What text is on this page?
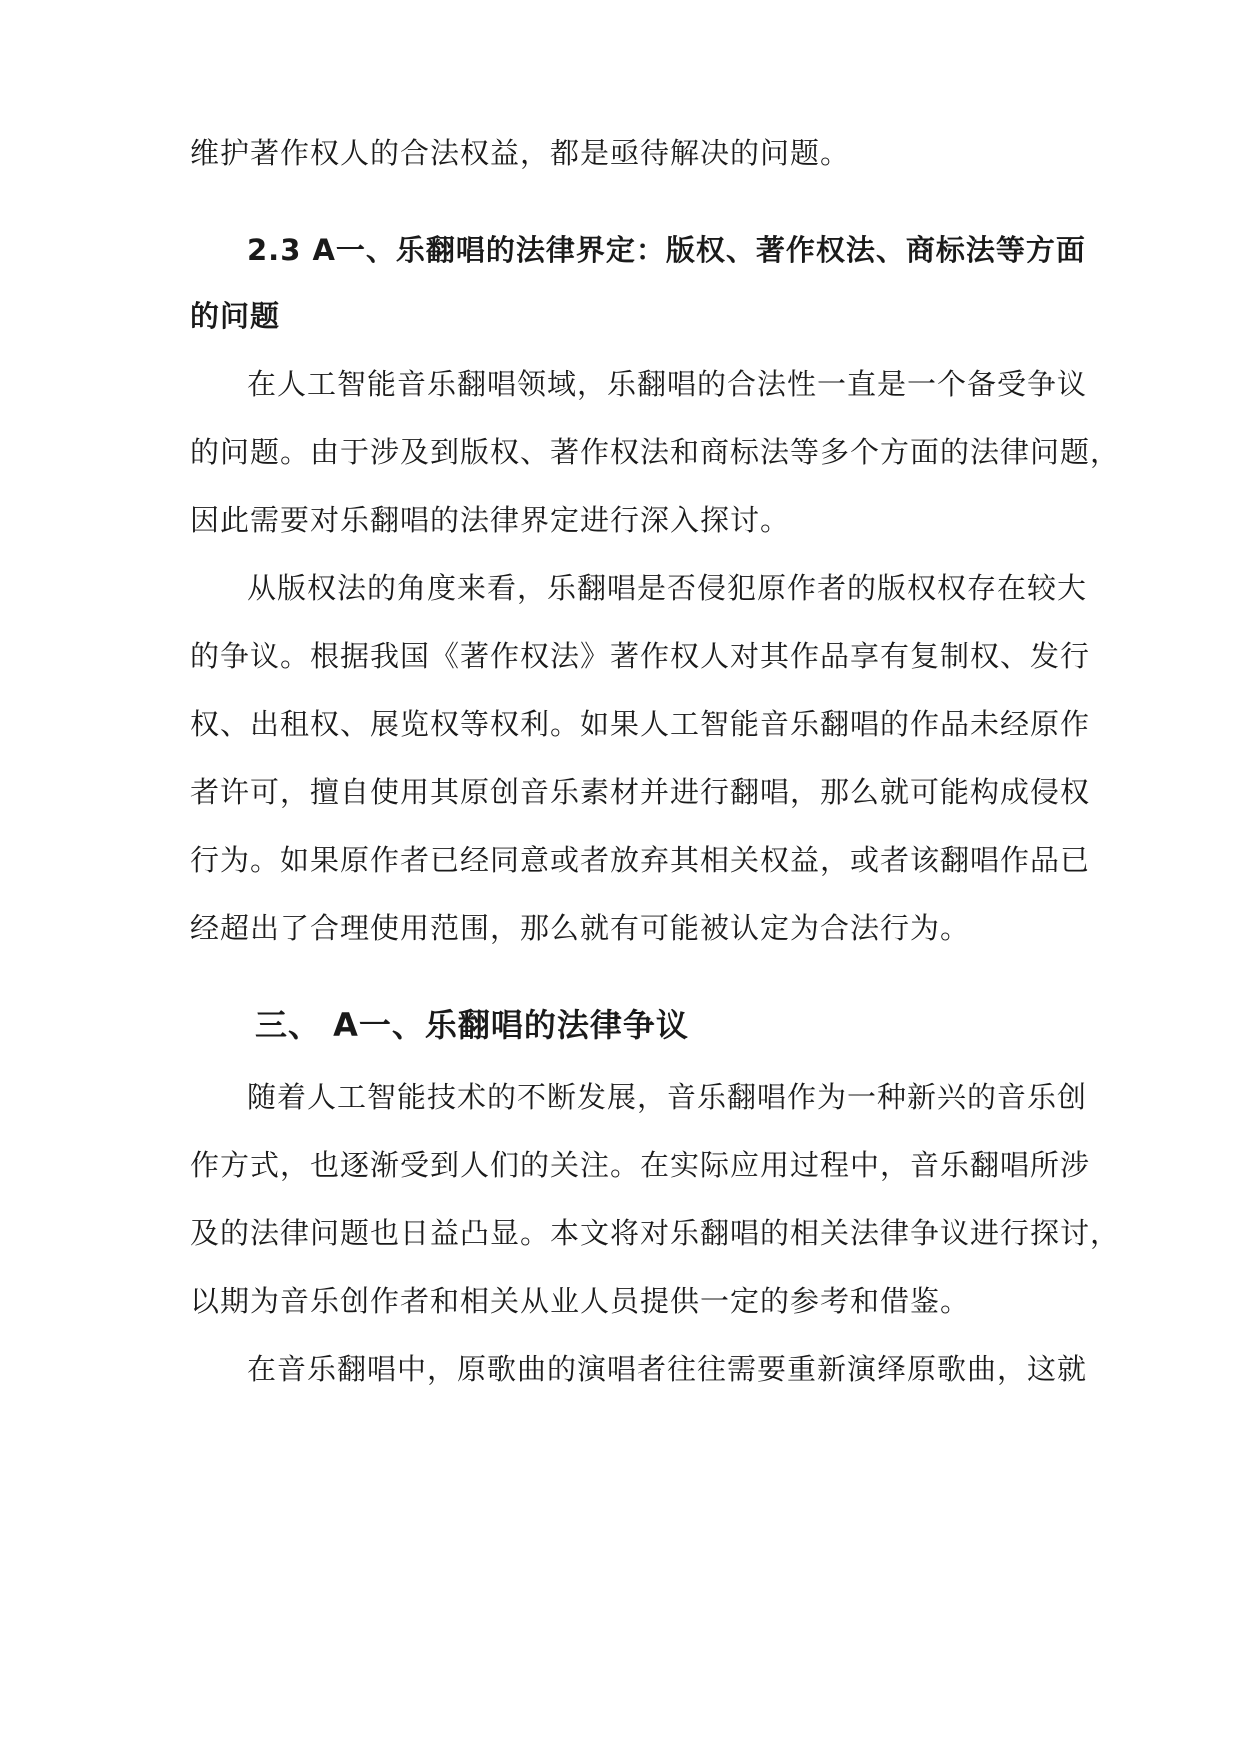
维护著作权人的合法权益，都是亟待解决的问题。
2.3 A一、乐翻唱的法律界定：版权、著作权法、商标法等方面
的问题
在人工智能音乐翻唱领域，乐翻唱的合法性一直是一个备受争议
的问题。由于涉及到版权、著作权法和商标法等多个方面的法律问题，
因此需要对乐翻唱的法律界定进行深入探讨。
从版权法的角度来看，乐翻唱是否侵犯原作者的版权权存在较大
的争议。根据我国《著作权法》著作权人对其作品享有复制权、发行
权、出租权、展览权等权利。如果人工智能音乐翻唱的作品未经原作
者许可，擅自使用其原创音乐素材并进行翻唱，那么就可能构成侵权
行为。如果原作者已经同意或者放弃其相关权益，或者该翻唱作品已
经超出了合理使用范围，那么就有可能被认定为合法行为。
三、 A一、乐翻唱的法律争议
随着人工智能技术的不断发展，音乐翻唱作为一种新兴的音乐创
作方式，也逐渐受到人们的关注。在实际应用过程中，音乐翻唱所涉
及的法律问题也日益凸显。本文将对乐翻唱的相关法律争议进行探讨，
以期为音乐创作者和相关从业人员提供一定的参考和借鉴。
在音乐翻唱中，原歌曲的演唱者往往需要重新演绎原歌曲，这就
